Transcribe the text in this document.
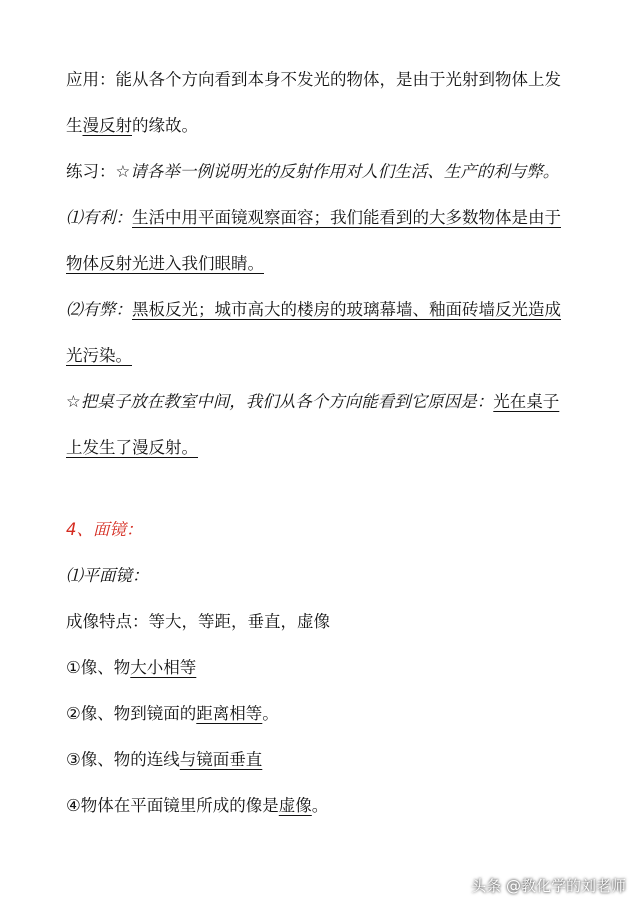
应用：能从各个方向看到本身不发光的物体，是由于光射到物体上发
生漫反射的缘故。
练习：☆请各举一例说明光的反射作用对人们生活、生产的利与弊。
⑴有利：生活中用平面镜观察面容；我们能看到的大多数物体是由于
物体反射光进入我们眼睛。
⑵有弊：黑板反光；城市高大的楼房的玻璃幕墙、釉面砖墙反光造成
光污染。
☆把桌子放在教室中间，我们从各个方向能看到它原因是：光在桌子
上发生了漫反射。
4、面镜：
⑴平面镜：
成像特点：等大，等距，垂直，虚像
①像、物大小相等
②像、物到镜面的距离相等。
③像、物的连线与镜面垂直
④物体在平面镜里所成的像是虚像。
头条 @教化学的刘老师
